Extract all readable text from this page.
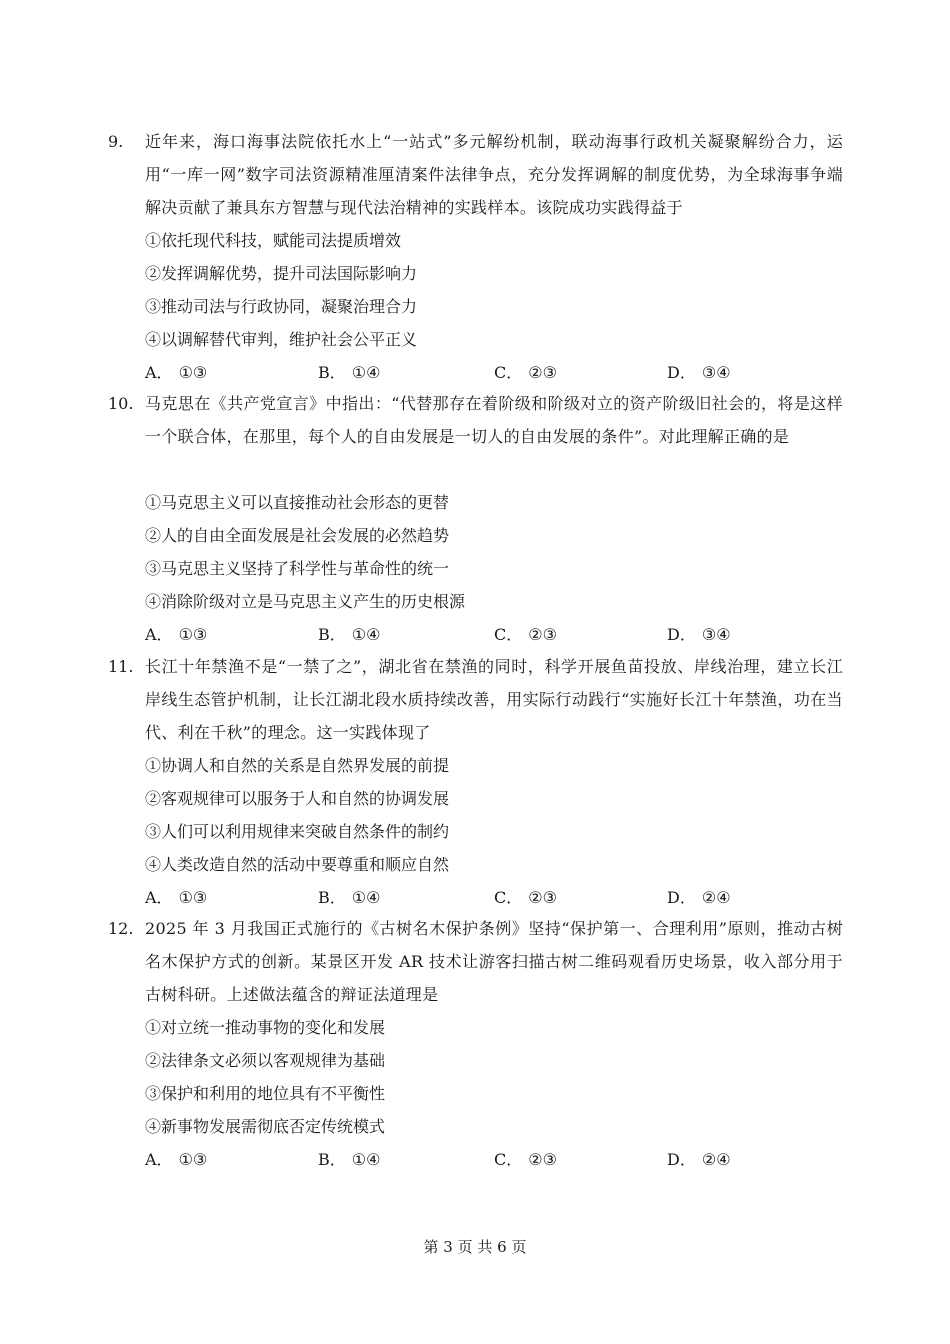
9. 近年来，海口海事法院依托水上“一站式”多元解纷机制，联动海事行政机关凝聚解纷合力，运用“一库一网”数字司法资源精准厘清案件法律争点，充分发挥调解的制度优势，为全球海事争端解决贡献了兼具东方智慧与现代法治精神的实践样本。该院成功实践得益于
①依托现代科技，赋能司法提质增效
②发挥调解优势，提升司法国际影响力
③推动司法与行政协同，凝聚治理合力
④以调解替代审判，维护社会公平正义
A． ①③	B． ①④	C． ②③	D． ③④
10. 马克思在《共产党宣言》中指出：“代替那存在着阶级和阶级对立的资产阶级旧社会的，将是这样一个联合体，在那里，每个人的自由发展是一切人的自由发展的条件”。对此理解正确的是
①马克思主义可以直接推动社会形态的更替
②人的自由全面发展是社会发展的必然趋势
③马克思主义坚持了科学性与革命性的统一
④消除阶级对立是马克思主义产生的历史根源
A． ①③	B． ①④	C． ②③	D． ③④
11. 长江十年禁渔不是“一禁了之”，湖北省在禁渔的同时，科学开展鱼苗投放、岸线治理，建立长江岸线生态管护机制，让长江湖北段水质持续改善，用实际行动践行“实施好长江十年禁渔，功在当代、利在千秋”的理念。这一实践体现了
①协调人和自然的关系是自然界发展的前提
②客观规律可以服务于人和自然的协调发展
③人们可以利用规律来突破自然条件的制约
④人类改造自然的活动中要尊重和顺应自然
A． ①③	B． ①④	C． ②③	D． ②④
12. 2025 年 3 月我国正式施行的《古树名木保护条例》坚持“保护第一、合理利用”原则，推动古树名木保护方式的创新。某景区开发 AR 技术让游客扫描古树二维码观看历史场景，收入部分用于古树科研。上述做法蕴含的辩证法道理是
①对立统一推动事物的变化和发展
②法律条文必须以客观规律为基础
③保护和利用的地位具有不平衡性
④新事物发展需彻底否定传统模式
A． ①③	B． ①④	C． ②③	D． ②④
第 3 页 共 6 页
